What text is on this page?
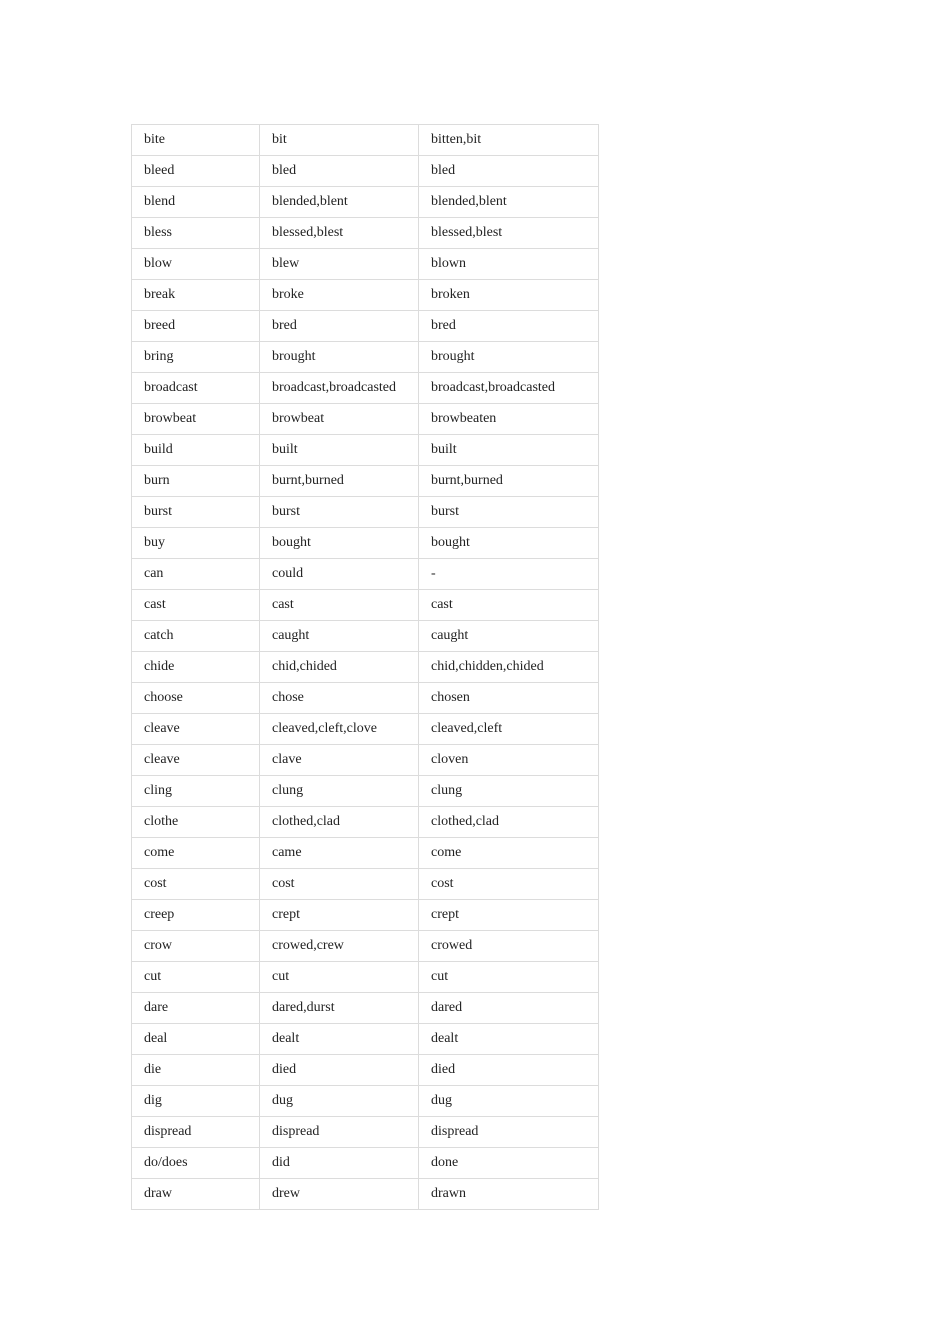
bite	bit	bitten,bit
bleed	bled	bled
blend	blended,blent	blended,blent
bless	blessed,blest	blessed,blest
blow	blew	blown
break	broke	broken
breed	bred	bred
bring	brought	brought
broadcast	broadcast,broadcasted	broadcast,broadcasted
browbeat	browbeat	browbeaten
build	built	built
burn	burnt,burned	burnt,burned
burst	burst	burst
buy	bought	bought
can	could	-
cast	cast	cast
catch	caught	caught
chide	chid,chided	chid,chidden,chided
choose	chose	chosen
cleave	cleaved,cleft,clove	cleaved,cleft
cleave	clave	cloven
cling	clung	clung
clothe	clothed,clad	clothed,clad
come	came	come
cost	cost	cost
creep	crept	crept
crow	crowed,crew	crowed
cut	cut	cut
dare	dared,durst	dared
deal	dealt	dealt
die	died	died
dig	dug	dug
dispread	dispread	dispread
do/does	did	done
draw	drew	drawn
